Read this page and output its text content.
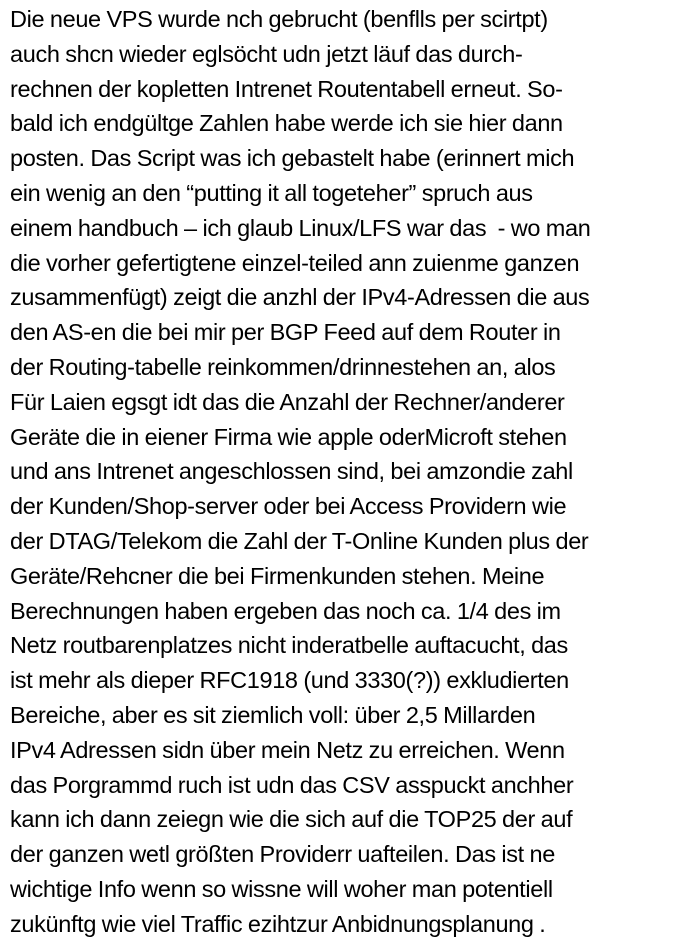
Die neue VPS wurde nch gebrucht (benflls per scirtpt)
auch shcn wieder eglsöcht udn jetzt läuf das durch-
rechnen der kopletten Intrenet Routentabell erneut. So-
bald ich endgültge Zahlen habe werde ich sie hier dann
posten. Das Script was ich gebastelt habe (erinnert mich
ein wenig an den “putting it all togeteher” spruch aus
einem handbuch – ich glaub Linux/LFS war das  - wo man
die vorher gefertigtene einzel-teiled ann zuienme ganzen
zusammenfügt) zeigt die anzhl der IPv4-Adressen die aus
den AS-en die bei mir per BGP Feed auf dem Router in
der Routing-tabelle reinkommen/drinnestehen an, alos
Für Laien egsgt idt das die Anzahl der Rechner/anderer
Geräte die in eiener Firma wie apple oderMicroft stehen
und ans Intrenet angeschlossen sind, bei amzondie zahl
der Kunden/Shop-server oder bei Access Providern wie
der DTAG/Telekom die Zahl der T-Online Kunden plus der
Geräte/Rehcner die bei Firmenkunden stehen. Meine
Berechnungen haben ergeben das noch ca. 1/4 des im
Netz routbarenplatzes nicht inderatbelle auftacucht, das
ist mehr als dieper RFC1918 (und 3330(?)) exkludierten
Bereiche, aber es sit ziemlich voll: über 2,5 Millarden
IPv4 Adressen sidn über mein Netz zu erreichen. Wenn
das Porgrammd ruch ist udn das CSV asspuckt anchher
kann ich dann zeiegn wie die sich auf die TOP25 der auf
der ganzen wetl größten Providerr uafteilen. Das ist ne
wichtige Info wenn so wissne will woher man potentiell
zukünftg wie viel Traffic ezihtzur Anbidnungsplanung .
